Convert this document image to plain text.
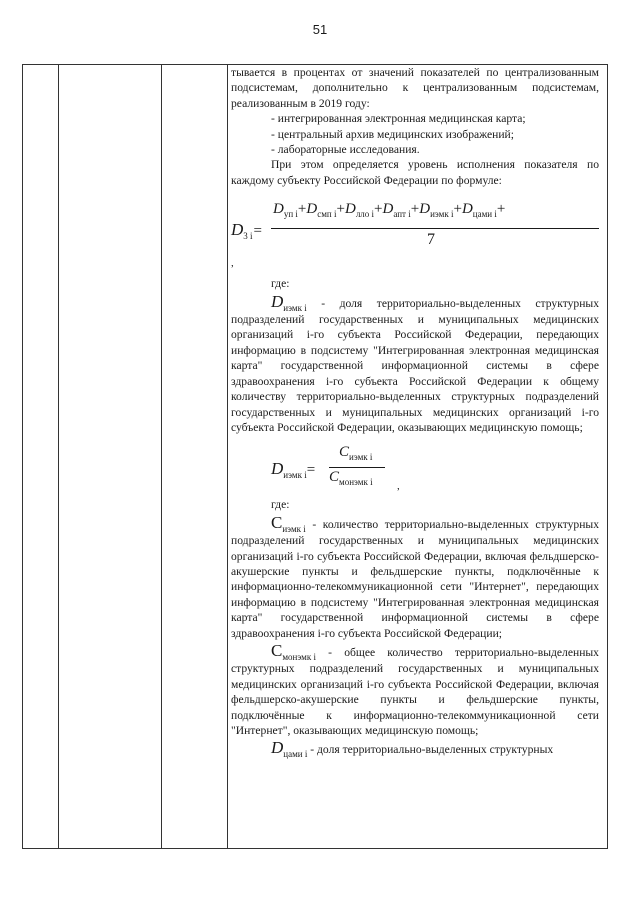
51

тывается в процентах от значений показателей по централизованным подсистемам, дополнительно к централизованным подсистемам, реализованным в 2019 году:

- интегрированная электронная медицинская карта;

- центральный архив медицинских изображений;

- лабораторные исследования.

При этом определяется уровень исполнения показателя по каждому субъекту Российской Федерации по формуле:

$D_{3 i}=$
$D_{уп i}+D_{смп i}+D_{лло i}+D_{апт i}+D_{иэмк i}+D_{цами i}+$
7
,

где:

$D_{иэмк i}$ - доля территориально-выделенных структурных подразделений государственных и муниципальных медицинских организаций i-го субъекта Российской Федерации, передающих информацию в подсистему "Интегрированная электронная медицинская карта" государственной информационной системы в сфере здравоохранения i-го субъекта Российской Федерации к общему количеству территориально-выделенных структурных подразделений государственных и муниципальных медицинских организаций i-го субъекта Российской Федерации, оказывающих медицинскую помощь;

$D_{иэмк i}=$
$С_{иэмк i}$
$С_{монэмк i}$ ,

где:

$С_{иэмк i}$ - количество территориально-выделенных структурных подразделений государственных и муниципальных медицинских организаций i-го субъекта Российской Федерации, включая фельдшерско-акушерские пункты и фельдшерские пункты, подключённые к информационно-телекоммуникационной сети "Интернет", передающих информацию в подсистему "Интегрированная электронная медицинская карта" государственной информационной системы в сфере здравоохранения i-го субъекта Российской Федерации;

$С_{монэмк i}$ - общее количество территориально-выделенных структурных подразделений государственных и муниципальных медицинских организаций i-го субъекта Российской Федерации, включая фельдшерско-акушерские пункты и фельдшерские пункты, подключённые к информационно-телекоммуникационной сети "Интернет", оказывающих медицинскую помощь;

$D_{цами i}$ - доля территориально-выделенных структурных
